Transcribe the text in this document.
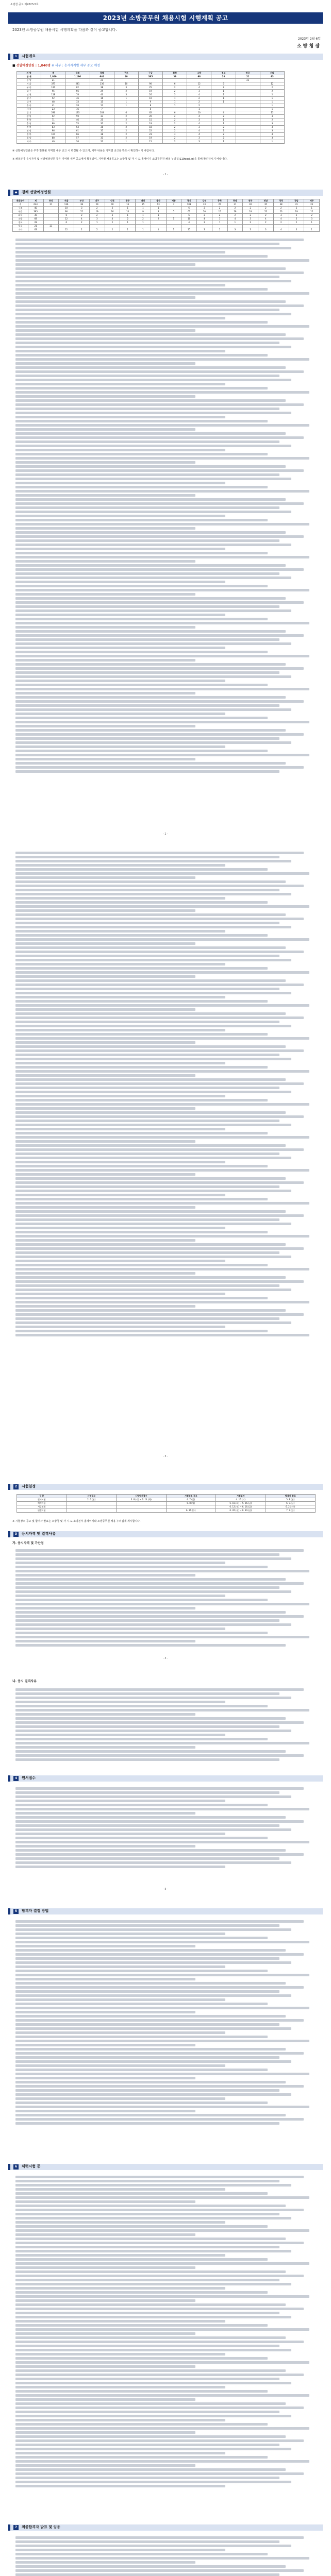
소방청 공고 제2023-5호
2023년 소방공무원 채용시험 시행계획 공고
2023년 소방공무원 채용시험 시행계획을 다음과 같이 공고합니다.
2023년 2월 6일
소 방 청 장
1	시험개요
■ 선발예정인원 : 1,840명 ※ 세부 : 응시자격별 세부 공고 예정
지 역	계	공채	경채	구조	구급	화학	소방	정보	항공	기타
합 계	1,840	1,196	644	40	385	39	68	28	21	63
중 앙	21		21						21	
서 울	377	241	136	10	90	6	12	6		12
부 산	120	82	38	3	25	2	4	2		2
대 구	95	66	29	2	19	2	3	1		2
인 천	118	78	40	3	26	3	4	2		2
광 주	52	36	16	1	10	1	2	1		1
대 전	48	33	15	1	9	1	2	1		1
울 산	41	28	13	1	8	1	2			1
세 종	23	16	7		5		1			1
경 기	296	193	103	6	62	6	10	4		15
강 원	92	59	33	2	20	2	4	2		3
충 북	71	46	25	2	15	2	3	1		2
충 남	86	55	31	2	19	2	4	1		3
전 북	83	53	30	2	18	2	3	2		3
전 남	96	61	35	2	22	2	4	2		3
경 북	104	66	38	2	23	3	4	2		4
경 남	88	57	31	2	19	2	3	2		3
제 주	49	26	23	1	15	2	3	1		1
※ 선발예정인원은 추후 발표될 지역별 세부 공고 시 변경될 수 있으며, 세부 내용은 지역별 공고를 반드시 확인하시기 바랍니다.
※ 채용분야 응시자격 및 선발예정인원 등은 지역별 세부 공고에서 확정되며, 지역별 채용공고는 소방청 및 각 시·도 홈페이지 소방공무원 채용 누리집(119gosi.kr)을 통해 확인하시기 바랍니다.
- 1 -
◆	경채 선발예정인원
채용분야	계	중앙	서울	부산	대구	인천	광주	대전	울산	세종	경기	강원	충북	충남	전북	전남	경북	경남	제주
계	644	21	136	38	29	40	16	15	13	7	103	33	25	31	30	35	38	31	23
구조	40		10	3	2	3	1	1	1		6	2	2	2	2	2	2	2	1
구급	385		90	25	19	26	10	9	8	5	62	20	15	19	18	22	23	19	15
화학	39		6	2	2	3	1	1	1		6	2	2	2	2	2	3	2	2
소방	68		12	4	3	4	2	2	2	1	10	4	3	4	3	4	4	3	3
정보	28		6	2	1	2	1	1			4	2	1	1	2	2	2	2	1
항공	21	21																	
기타	63		12	2	2	2	1	1	1	1	15	3	2	3	3	3	4	3	1
- 2 -
- 3 -
2	시험일정
구 분	시험공고	시험원서접수	시험장소 공고	시험일자	합격자 발표
필기시험	2. 6.(월)	3. 8.(수) ~ 3. 14.(화)	4. 7.(금)	4. 15.(토)	5. 8.(월)
체력시험			5. 8.(월)	5. 16.(화) ~ 5. 26.(금)	6. 9.(금)
서류전형				6. 12.(월) ~ 6. 16.(금)	6. 21.(수)
면접시험			6. 21.(수)	6. 26.(월) ~ 6. 30.(금)	7. 7.(금)
※ 시험장소 공고 및 합격자 발표는 소방청 및 각 시·도 소방본부 홈페이지와 소방공무원 채용 누리집에 게시합니다.
3	응시자격 및 결격사유
가. 응시자격 및 가산점
- 4 -
나. 응시 결격사유
4	원서접수
- 5 -
5	합격자 결정 방법
6	체력시험 등
7	최종합격자 발표 및 임용
